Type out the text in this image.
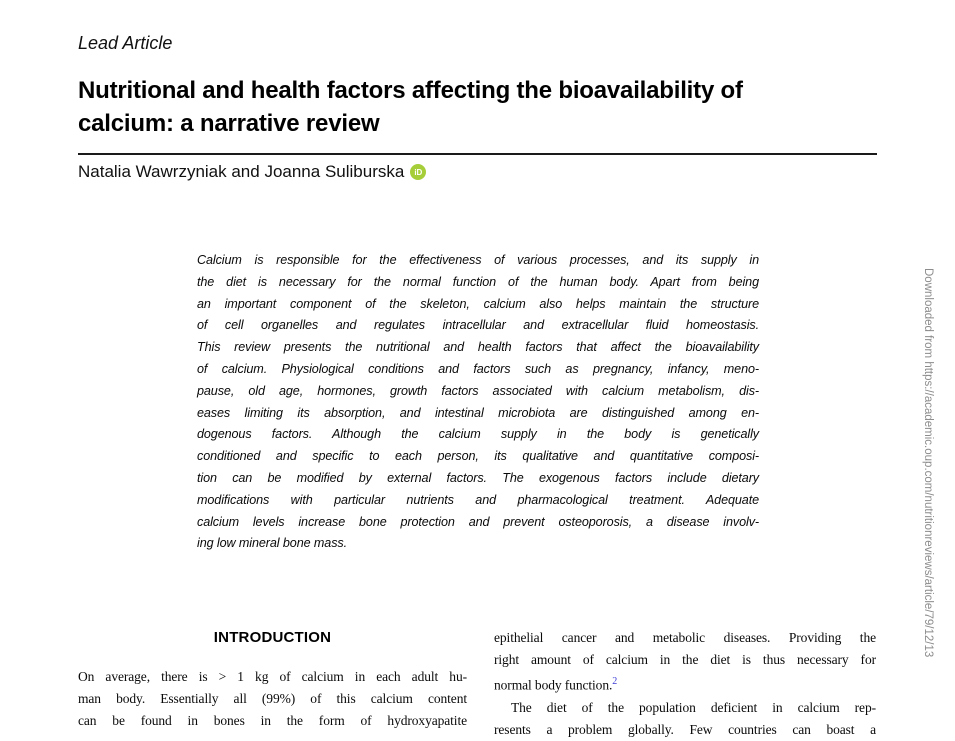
Lead Article
Nutritional and health factors affecting the bioavailability of
calcium: a narrative review
Natalia Wawrzyniak and Joanna Suliburska	iD
Calcium is responsible for the effectiveness of various processes, and its supply in
the diet is necessary for the normal function of the human body. Apart from being
an important component of the skeleton, calcium also helps maintain the structure
of cell organelles and regulates intracellular and extracellular fluid homeostasis.
This review presents the nutritional and health factors that affect the bioavailability
of calcium. Physiological conditions and factors such as pregnancy, infancy, meno-
pause, old age, hormones, growth factors associated with calcium metabolism, dis-
eases limiting its absorption, and intestinal microbiota are distinguished among en-
dogenous factors. Although the calcium supply in the body is genetically
conditioned and specific to each person, its qualitative and quantitative composi-
tion can be modified by external factors. The exogenous factors include dietary
modifications with particular nutrients and pharmacological treatment. Adequate
calcium levels increase bone protection and prevent osteoporosis, a disease involv-
ing low mineral bone mass.
INTRODUCTION
On average, there is > 1 kg of calcium in each adult hu-
man body. Essentially all (99%) of this calcium content
can be found in bones in the form of hydroxyapatite
epithelial cancer and metabolic diseases. Providing the
right amount of calcium in the diet is thus necessary for
normal body function.$^2$
The diet of the population deficient in calcium rep-
resents a problem globally. Few countries can boast a
Downloaded from https://academic.oup.com/nutritionreviews/article/79/12/13
